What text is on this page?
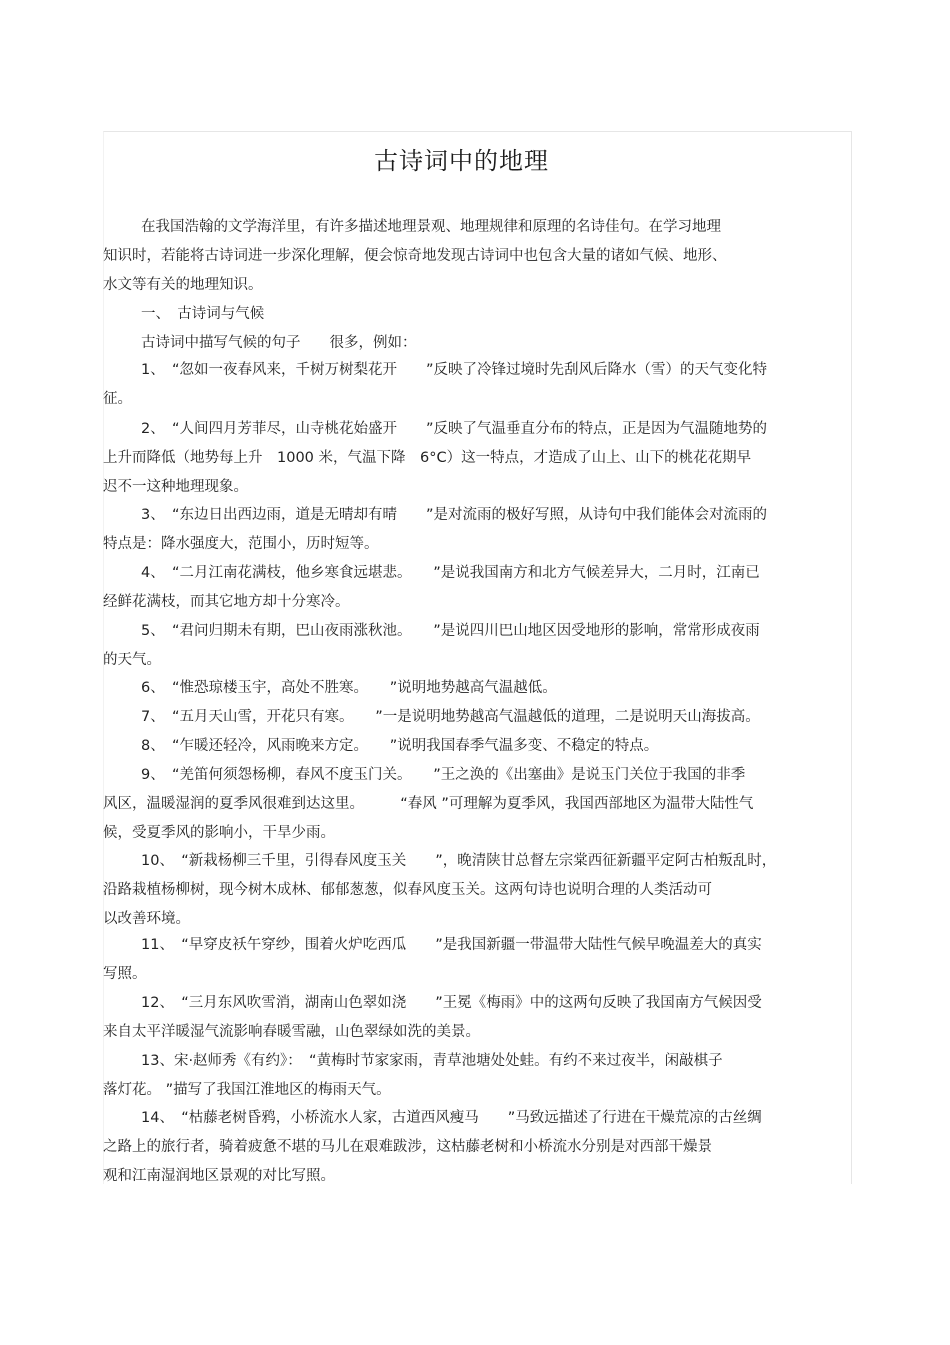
古诗词中的地理
在我国浩翰的文学海洋里，有许多描述地理景观、地理规律和原理的名诗佳句。在学习地理
知识时，若能将古诗词进一步深化理解，便会惊奇地发现古诗词中也包含大量的诸如气候、地形、
水文等有关的地理知识。
一、　古诗词与气候
古诗词中描写气候的句子　　很多，例如：
1、　“忽如一夜春风来，千树万树梨花开　　”反映了冷锋过境时先刮风后降水（雪）的天气变化特
征。
2、　“人间四月芳菲尽，山寺桃花始盛开　　”反映了气温垂直分布的特点，正是因为气温随地势的
上升而降低（地势每上升　1000 米，气温下降　6°C）这一特点，才造成了山上、山下的桃花花期早
迟不一这种地理现象。
3、　“东边日出西边雨，道是无晴却有晴　　”是对流雨的极好写照，从诗句中我们能体会对流雨的
特点是：降水强度大，范围小，历时短等。
4、　“二月江南花满枝，他乡寒食远堪悲。　　”是说我国南方和北方气候差异大，二月时，江南已
经鲜花满枝，而其它地方却十分寒冷。
5、　“君问归期未有期，巴山夜雨涨秋池。　　”是说四川巴山地区因受地形的影响，常常形成夜雨
的天气。
6、　“惟恐琼楼玉宇，高处不胜寒。　　”说明地势越高气温越低。
7、　“五月天山雪，开花只有寒。　　”一是说明地势越高气温越低的道理，二是说明天山海拔高。
8、　“乍暖还轻冷，风雨晚来方定。　　”说明我国春季气温多变、不稳定的特点。
9、　“羌笛何须怨杨柳，春风不度玉门关。　　”王之涣的《出塞曲》是说玉门关位于我国的非季
风区，温暖湿润的夏季风很难到达这里。　　　“春风 ”可理解为夏季风，我国西部地区为温带大陆性气
候，受夏季风的影响小，干旱少雨。
10、　“新栽杨柳三千里，引得春风度玉关　　”，晚清陕甘总督左宗棠西征新疆平定阿古柏叛乱时，
沿路栽植杨柳树，现今树木成林、郁郁葱葱，似春风度玉关。这两句诗也说明合理的人类活动可
以改善环境。
11、　“早穿皮袄午穿纱，围着火炉吃西瓜　　”是我国新疆一带温带大陆性气候早晚温差大的真实
写照。
12、　“三月东风吹雪消，湖南山色翠如浇　　”王冕《梅雨》中的这两句反映了我国南方气候因受
来自太平洋暖湿气流影响春暖雪融，山色翠绿如洗的美景。
13、宋·赵师秀《有约》：　“黄梅时节家家雨，青草池塘处处蛙。有约不来过夜半，闲敲棋子
落灯花。 ”描写了我国江淮地区的梅雨天气。
14、　“枯藤老树昏鸦，小桥流水人家，古道西风瘦马　　”马致远描述了行进在干燥荒凉的古丝绸
之路上的旅行者，骑着疲惫不堪的马儿在艰难跋涉，这枯藤老树和小桥流水分别是对西部干燥景
观和江南湿润地区景观的对比写照。
